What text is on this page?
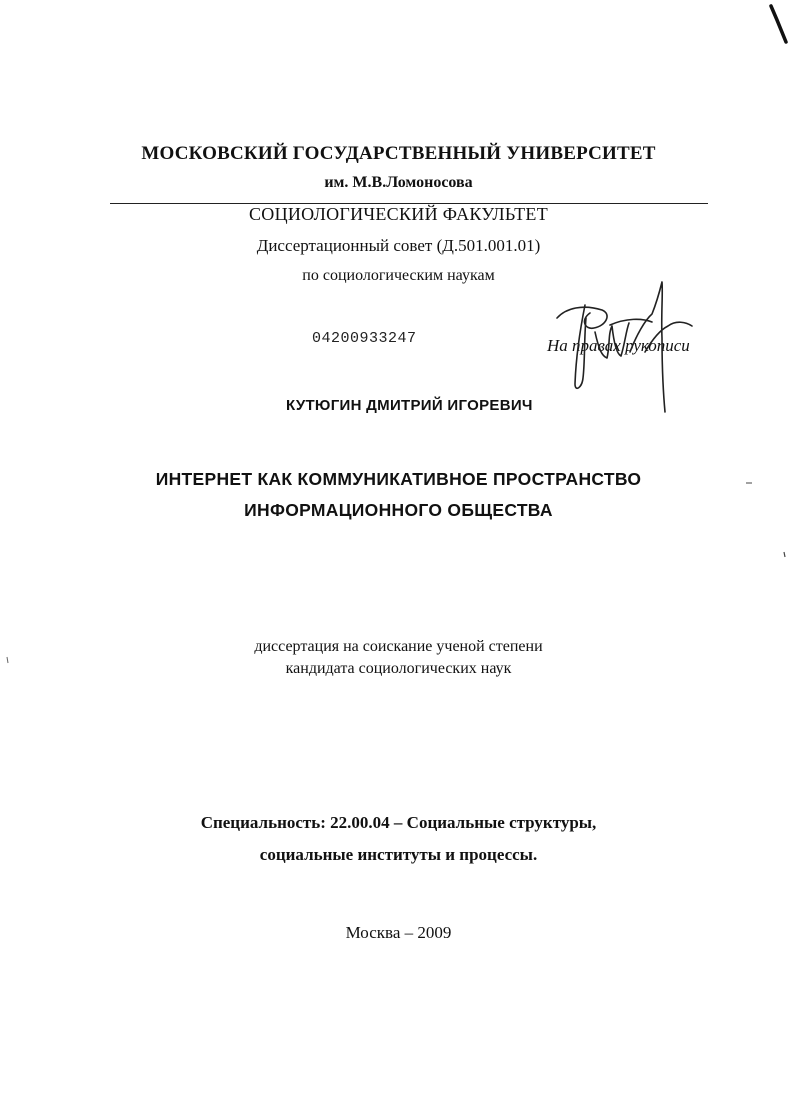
МОСКОВСКИЙ ГОСУДАРСТВЕННЫЙ УНИВЕРСИТЕТ
им. М.В.Ломоносова
СОЦИОЛОГИЧЕСКИЙ ФАКУЛЬТЕТ
Диссертационный совет (Д.501.001.01)
по социологическим наукам
04200933247	На правах рукописи
КУТЮГИН ДМИТРИЙ ИГОРЕВИЧ
ИНТЕРНЕТ КАК КОММУНИКАТИВНОЕ ПРОСТРАНСТВО
ИНФОРМАЦИОННОГО ОБЩЕСТВА
диссертация на соискание ученой степени
кандидата социологических наук
Специальность: 22.00.04 – Социальные структуры,
социальные институты и процессы.
Москва – 2009
